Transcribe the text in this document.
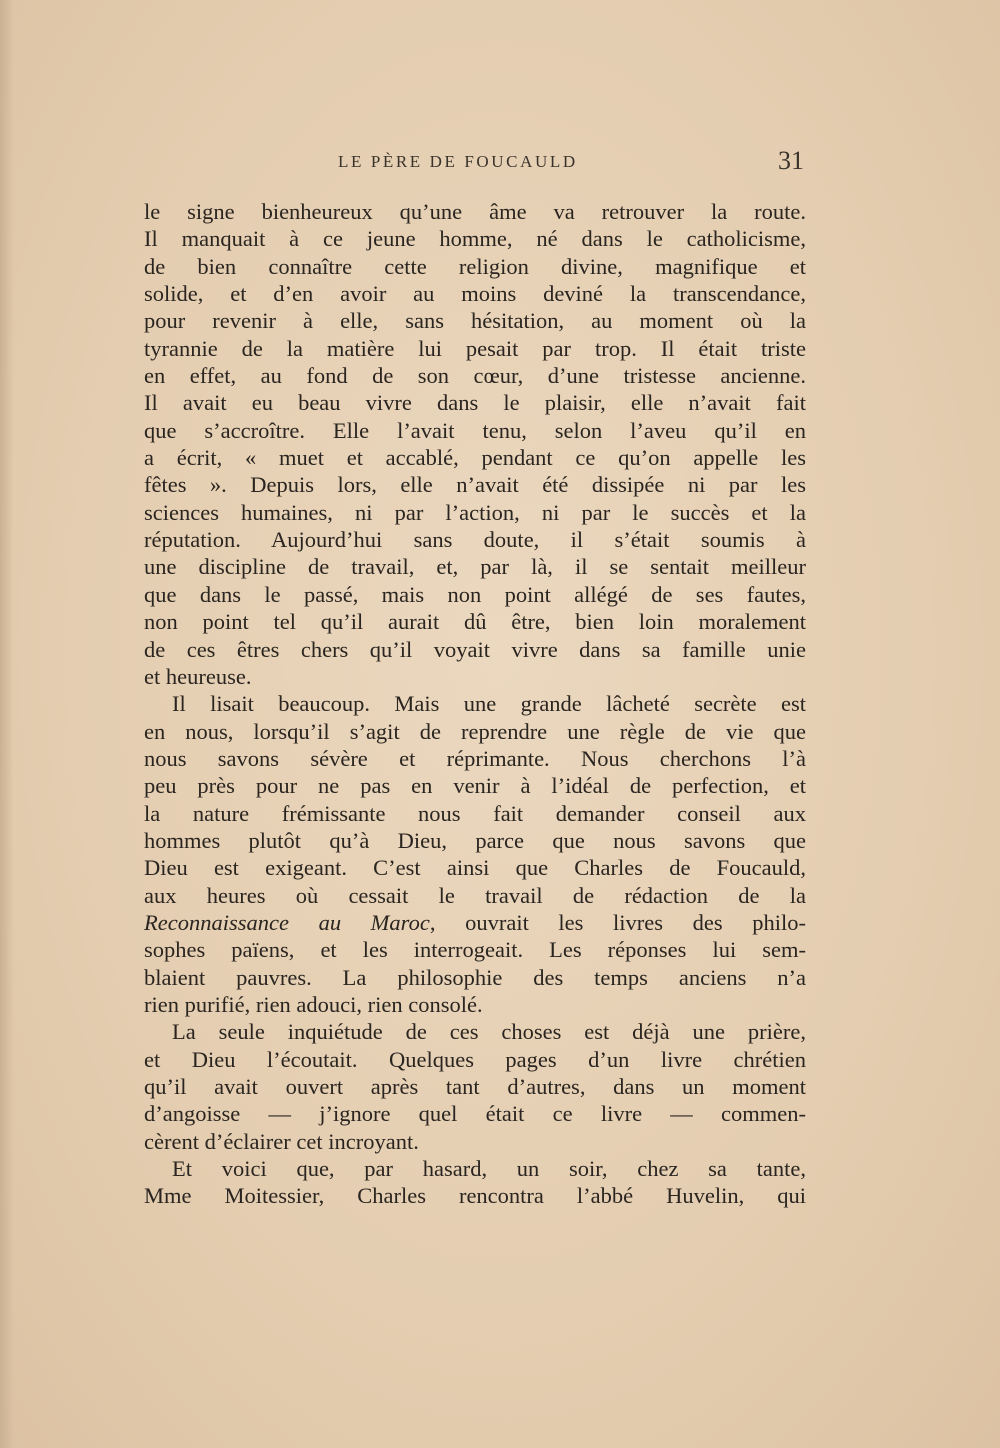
LE PÈRE DE FOUCAULD	31
le signe bienheureux qu’une âme va retrouver la route.
Il manquait à ce jeune homme, né dans le catholicisme,
de bien connaître cette religion divine, magnifique et
solide, et d’en avoir au moins deviné la transcendance,
pour revenir à elle, sans hésitation, au moment où la
tyrannie de la matière lui pesait par trop. Il était triste
en effet, au fond de son cœur, d’une tristesse ancienne.
Il avait eu beau vivre dans le plaisir, elle n’avait fait
que s’accroître. Elle l’avait tenu, selon l’aveu qu’il en
a écrit, « muet et accablé, pendant ce qu’on appelle les
fêtes ». Depuis lors, elle n’avait été dissipée ni par les
sciences humaines, ni par l’action, ni par le succès et la
réputation. Aujourd’hui sans doute, il s’était soumis à
une discipline de travail, et, par là, il se sentait meilleur
que dans le passé, mais non point allégé de ses fautes,
non point tel qu’il aurait dû être, bien loin moralement
de ces êtres chers qu’il voyait vivre dans sa famille unie
et heureuse.
Il lisait beaucoup. Mais une grande lâcheté secrète est
en nous, lorsqu’il s’agit de reprendre une règle de vie que
nous savons sévère et réprimante. Nous cherchons l’à
peu près pour ne pas en venir à l’idéal de perfection, et
la nature frémissante nous fait demander conseil aux
hommes plutôt qu’à Dieu, parce que nous savons que
Dieu est exigeant. C’est ainsi que Charles de Foucauld,
aux heures où cessait le travail de rédaction de la
Reconnaissance au Maroc, ouvrait les livres des philo-
sophes païens, et les interrogeait. Les réponses lui sem-
blaient pauvres. La philosophie des temps anciens n’a
rien purifié, rien adouci, rien consolé.
La seule inquiétude de ces choses est déjà une prière,
et Dieu l’écoutait. Quelques pages d’un livre chrétien
qu’il avait ouvert après tant d’autres, dans un moment
d’angoisse — j’ignore quel était ce livre — commen-
cèrent d’éclairer cet incroyant.
Et voici que, par hasard, un soir, chez sa tante,
Mme Moitessier, Charles rencontra l’abbé Huvelin, qui
